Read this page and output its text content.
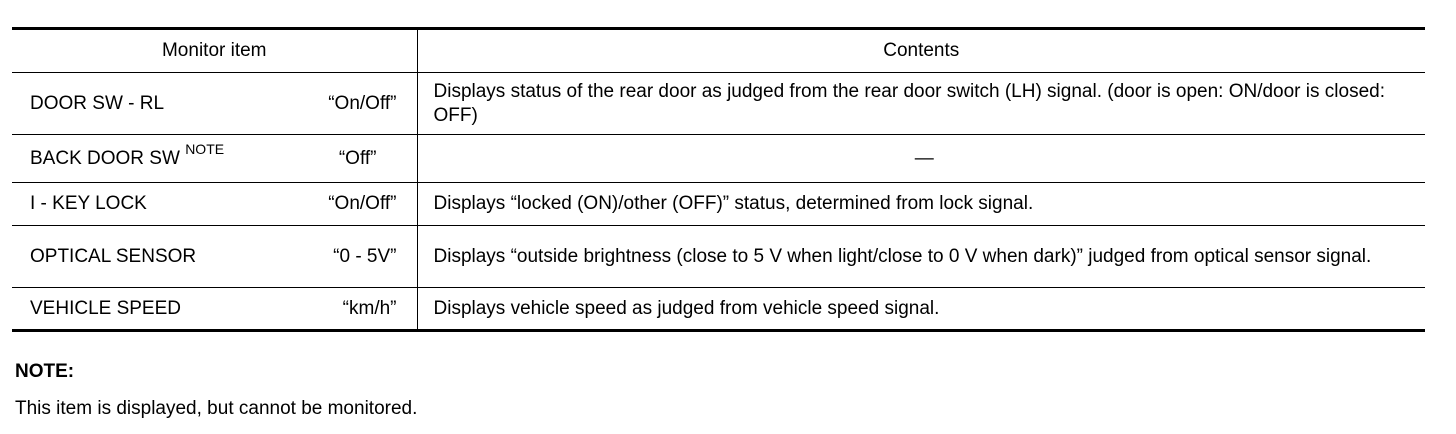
Monitor item	Contents

DOOR SW - RL “On/Off”	Displays status of the rear door as judged from the rear door switch (LH) signal. (door is open: ON/door is closed: OFF)

BACK DOOR SW $^{NOTE}$ “Off”	—

I - KEY LOCK “On/Off”	Displays “locked (ON)/other (OFF)” status, determined from lock signal.

OPTICAL SENSOR “0 - 5V”	Displays “outside brightness (close to 5 V when light/close to 0 V when dark)” judged from optical sensor signal.

VEHICLE SPEED “km/h”	Displays vehicle speed as judged from vehicle speed signal.
NOTE:
This item is displayed, but cannot be monitored.
